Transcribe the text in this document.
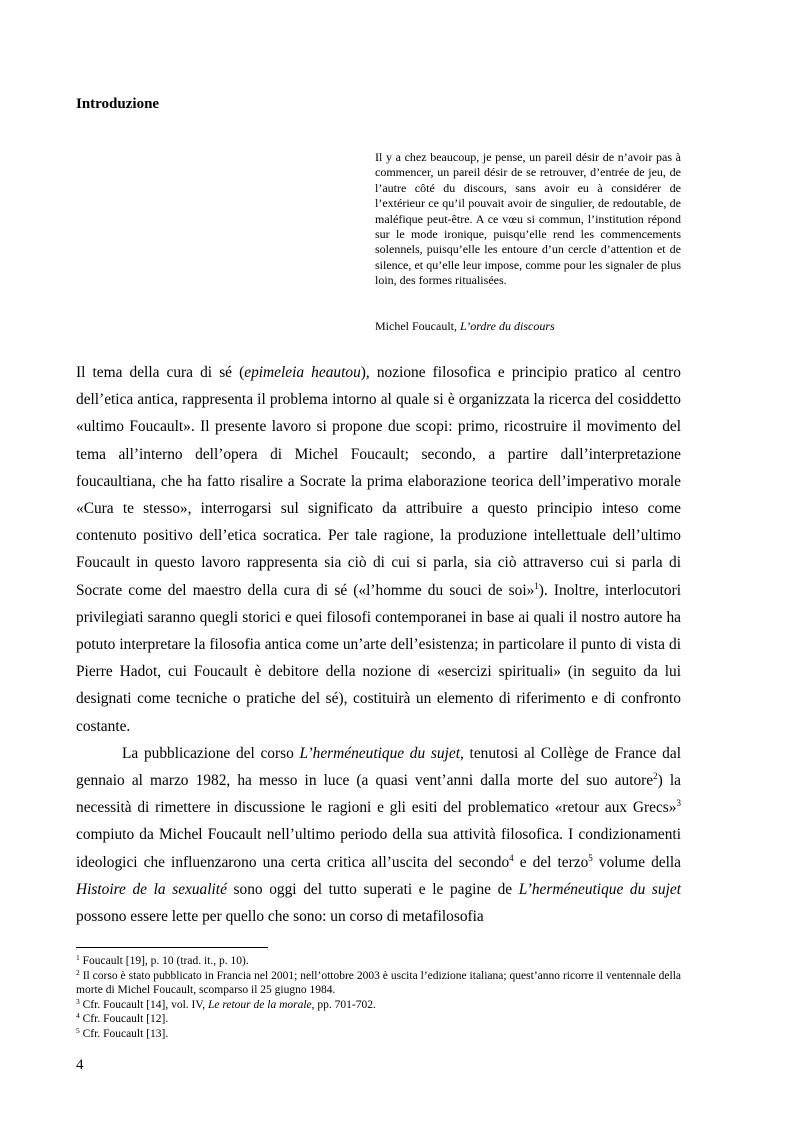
Introduzione

Il y a chez beaucoup, je pense, un pareil désir de n’avoir pas à commencer, un pareil désir de se retrouver, d’entrée de jeu, de l’autre côté du discours, sans avoir eu à considérer de l’extérieur ce qu’il pouvait avoir de singulier, de redoutable, de maléfique peut-être. A ce vœu si commun, l’institution répond sur le mode ironique, puisqu’elle rend les commencements solennels, puisqu’elle les entoure d’un cercle d’attention et de silence, et qu’elle leur impose, comme pour les signaler de plus loin, des formes ritualisées.

Michel Foucault, L’ordre du discours

Il tema della cura di sé (epimeleia heautou), nozione filosofica e principio pratico al centro dell’etica antica, rappresenta il problema intorno al quale si è organizzata la ricerca del cosiddetto «ultimo Foucault». Il presente lavoro si propone due scopi: primo, ricostruire il movimento del tema all’interno dell’opera di Michel Foucault; secondo, a partire dall’interpretazione foucaultiana, che ha fatto risalire a Socrate la prima elaborazione teorica dell’imperativo morale «Cura te stesso», interrogarsi sul significato da attribuire a questo principio inteso come contenuto positivo dell’etica socratica. Per tale ragione, la produzione intellettuale dell’ultimo Foucault in questo lavoro rappresenta sia ciò di cui si parla, sia ciò attraverso cui si parla di Socrate come del maestro della cura di sé («l’homme du souci de soi»$^1$). Inoltre, interlocutori privilegiati saranno quegli storici e quei filosofi contemporanei in base ai quali il nostro autore ha potuto interpretare la filosofia antica come un’arte dell’esistenza; in particolare il punto di vista di Pierre Hadot, cui Foucault è debitore della nozione di «esercizi spirituali» (in seguito da lui designati come tecniche o pratiche del sé), costituirà un elemento di riferimento e di confronto costante.

La pubblicazione del corso L’herméneutique du sujet, tenutosi al Collège de France dal gennaio al marzo 1982, ha messo in luce (a quasi vent’anni dalla morte del suo autore$^2$) la necessità di rimettere in discussione le ragioni e gli esiti del problematico «retour aux Grecs»$^3$ compiuto da Michel Foucault nell’ultimo periodo della sua attività filosofica. I condizionamenti ideologici che influenzarono una certa critica all’uscita del secondo$^4$ e del terzo$^5$ volume della Histoire de la sexualité sono oggi del tutto superati e le pagine de L’herméneutique du sujet possono essere lette per quello che sono: un corso di metafilosofia

$^1$ Foucault [19], p. 10 (trad. it., p. 10).

$^2$ Il corso è stato pubblicato in Francia nel 2001; nell’ottobre 2003 è uscita l’edizione italiana; quest’anno ricorre il ventennale della morte di Michel Foucault, scomparso il 25 giugno 1984.

$^3$ Cfr. Foucault [14], vol. IV, Le retour de la morale, pp. 701-702.

$^4$ Cfr. Foucault [12].

$^5$ Cfr. Foucault [13].

4
